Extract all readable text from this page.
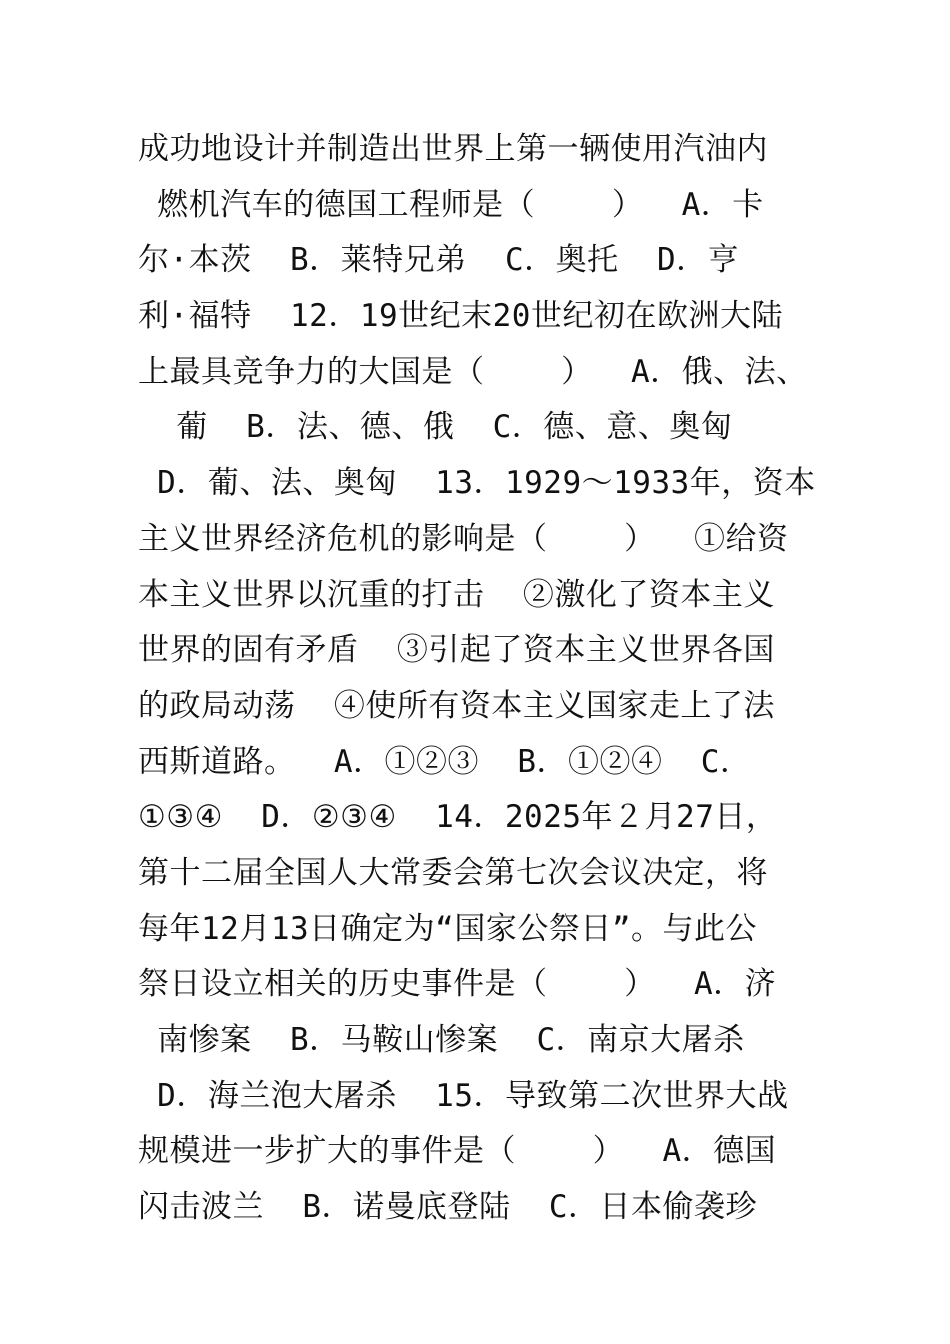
成功地设计并制造出世界上第一辆使用汽油内
燃机汽车的德国工程师是（    ）  A．卡
尔·本茨  B．莱特兄弟  C．奥托  D．亨
利·福特  12．19世纪末20世纪初在欧洲大陆
上最具竞争力的大国是（    ）  A．俄、法、
葡  B．法、德、俄  C．德、意、奥匈
D．葡、法、奥匈  13．1929～1933年，资本
主义世界经济危机的影响是（    ）  ①给资
本主义世界以沉重的打击  ②激化了资本主义
世界的固有矛盾  ③引起了资本主义世界各国
的政局动荡  ④使所有资本主义国家走上了法
西斯道路。  A．①②③  B．①②④  C．
①③④  D．②③④  14．2025年２月27日，
第十二届全国人大常委会第七次会议决定，将
每年12月13日确定为“国家公祭日”。与此公
祭日设立相关的历史事件是（    ）  A．济
南惨案  B．马鞍山惨案  C．南京大屠杀
D．海兰泡大屠杀  15．导致第二次世界大战
规模进一步扩大的事件是（    ）  A．德国
闪击波兰  B．诺曼底登陆  C．日本偷袭珍
